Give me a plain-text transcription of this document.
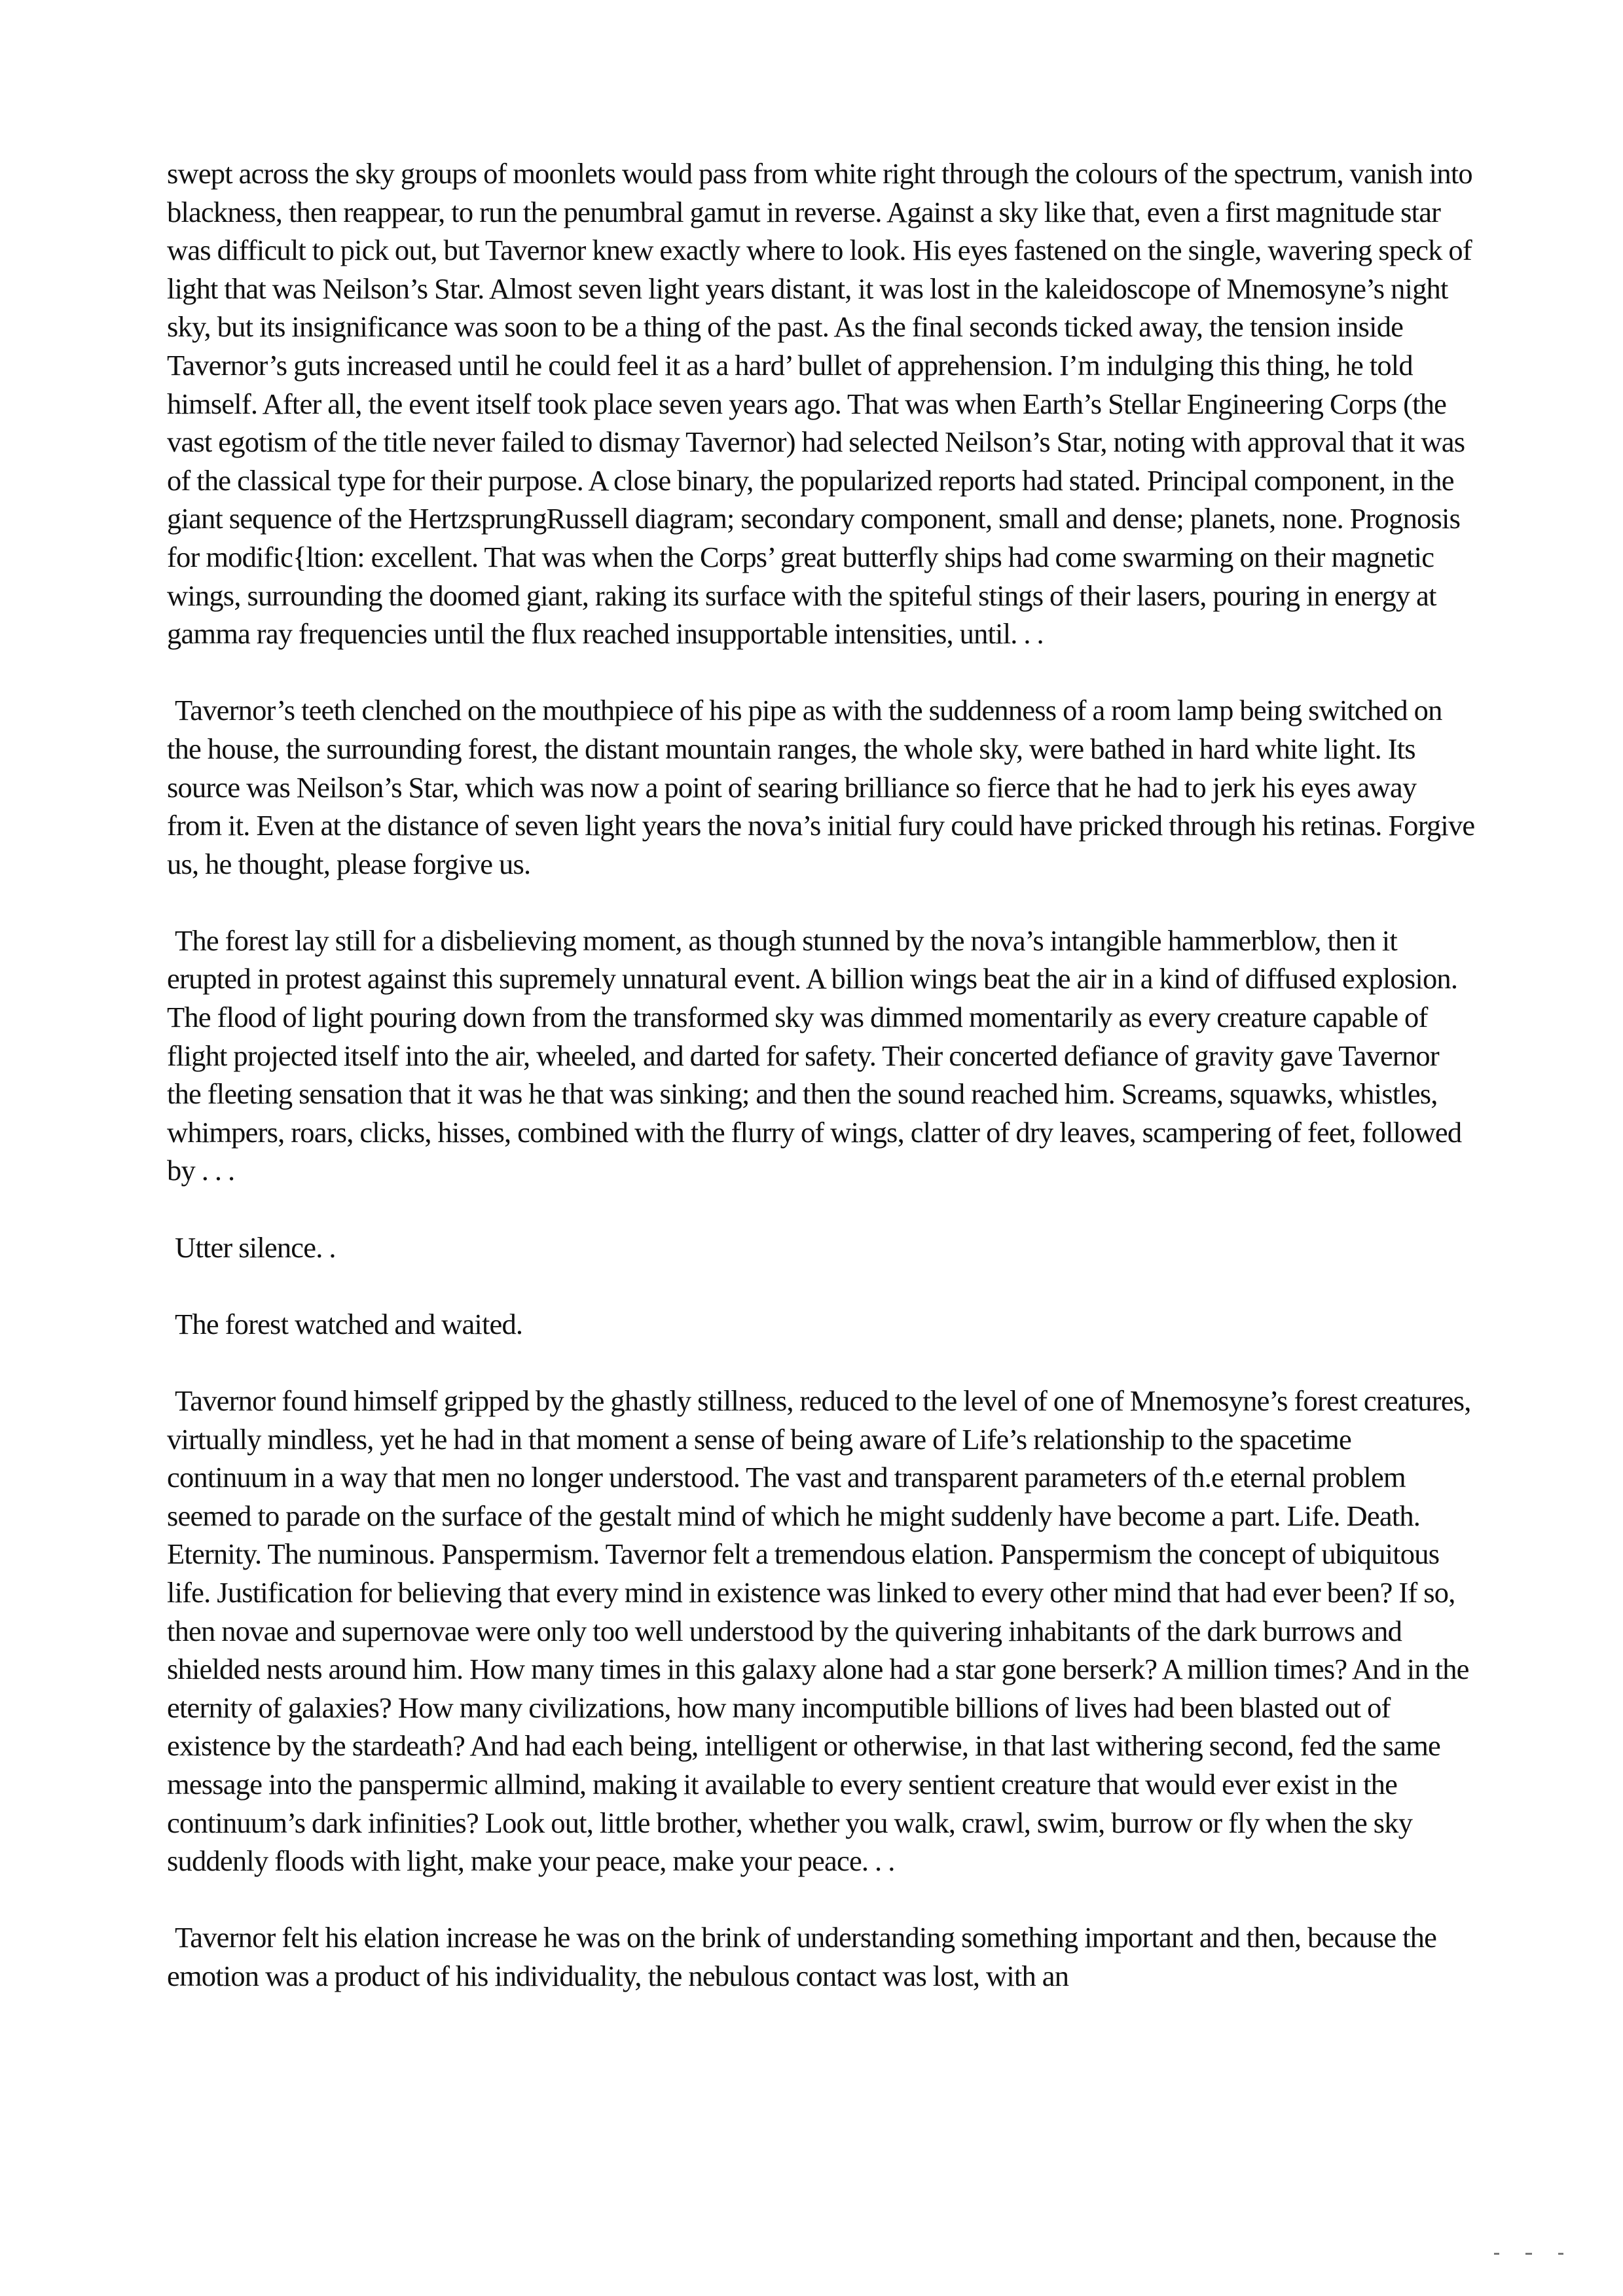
swept across the sky groups of moonlets would pass from white right through the colours of the spectrum, vanish into blackness, then reappear, to run the penumbral gamut in reverse. Against a sky like that, even a first magnitude star was difficult to pick out, but Tavernor knew exactly where to look. His eyes fastened on the single, wavering speck of light that was Neilson’s Star. Almost seven light years distant, it was lost in the kaleidoscope of Mnemosyne’s night sky, but its insignificance was soon to be a thing of the past. As the final seconds ticked away, the tension inside Tavernor’s guts increased until he could feel it as a hard’ bullet of apprehension. I’m indulging this thing, he told himself. After all, the event itself took place seven years ago. That was when Earth’s Stellar Engineering Corps (the vast egotism of the title never failed to dismay Tavernor) had selected Neilson’s Star, noting with approval that it was of the classical type for their purpose. A close binary, the popularized reports had stated. Principal component, in the giant sequence of the HertzsprungRussell diagram; secondary component, small and dense; planets, none. Prognosis for modific{ltion: excellent. That was when the Corps’ great butterfly ships had come swarming on their magnetic wings, surrounding the doomed giant, raking its surface with the spiteful stings of their lasers, pouring in energy at gamma ray frequencies until the flux reached insupportable intensities, until. . .

Tavernor’s teeth clenched on the mouthpiece of his pipe as with the suddenness of a room lamp being switched on the house, the surrounding forest, the distant mountain ranges, the whole sky, were bathed in hard white light. Its source was Neilson’s Star, which was now a point of searing brilliance so fierce that he had to jerk his eyes away from it. Even at the distance of seven light years the nova’s initial fury could have pricked through his retinas. Forgive us, he thought, please forgive us.

The forest lay still for a disbelieving moment, as though stunned by the nova’s intangible hammerblow, then it erupted in protest against this supremely unnatural event. A billion wings beat the air in a kind of diffused explosion. The flood of light pouring down from the transformed sky was dimmed momentarily as every creature capable of flight projected itself into the air, wheeled, and darted for safety. Their concerted defiance of gravity gave Tavernor the fleeting sensation that it was he that was sinking; and then the sound reached him. Screams, squawks, whistles, whimpers, roars, clicks, hisses, combined with the flurry of wings, clatter of dry leaves, scampering of feet, followed by . . .

Utter silence. .

The forest watched and waited.

Tavernor found himself gripped by the ghastly stillness, reduced to the level of one of Mnemosyne’s forest creatures, virtually mindless, yet he had in that moment a sense of being aware of Life’s relationship to the spacetime continuum in a way that men no longer understood. The vast and transparent parameters of th.e eternal problem seemed to parade on the surface of the gestalt mind of which he might suddenly have become a part. Life. Death. Eternity. The numinous. Panspermism. Tavernor felt a tremendous elation. Panspermism the concept of ubiquitous life. Justification for believing that every mind in existence was linked to every other mind that had ever been? If so, then novae and supernovae were only too well understood by the quivering inhabitants of the dark burrows and shielded nests around him. How many times in this galaxy alone had a star gone berserk? A million times? And in the eternity of galaxies? How many civilizations, how many incomputible billions of lives had been blasted out of existence by the stardeath? And had each being, intelligent or otherwise, in that last withering second, fed the same message into the panspermic allmind, making it available to every sentient creature that would ever exist in the continuum’s dark infinities? Look out, little brother, whether you walk, crawl, swim, burrow or fly when the sky suddenly floods with light, make your peace, make your peace. . .

Tavernor felt his elation increase he was on the brink of understanding something important and then, because the emotion was a product of his individuality, the nebulous contact was lost, with an
